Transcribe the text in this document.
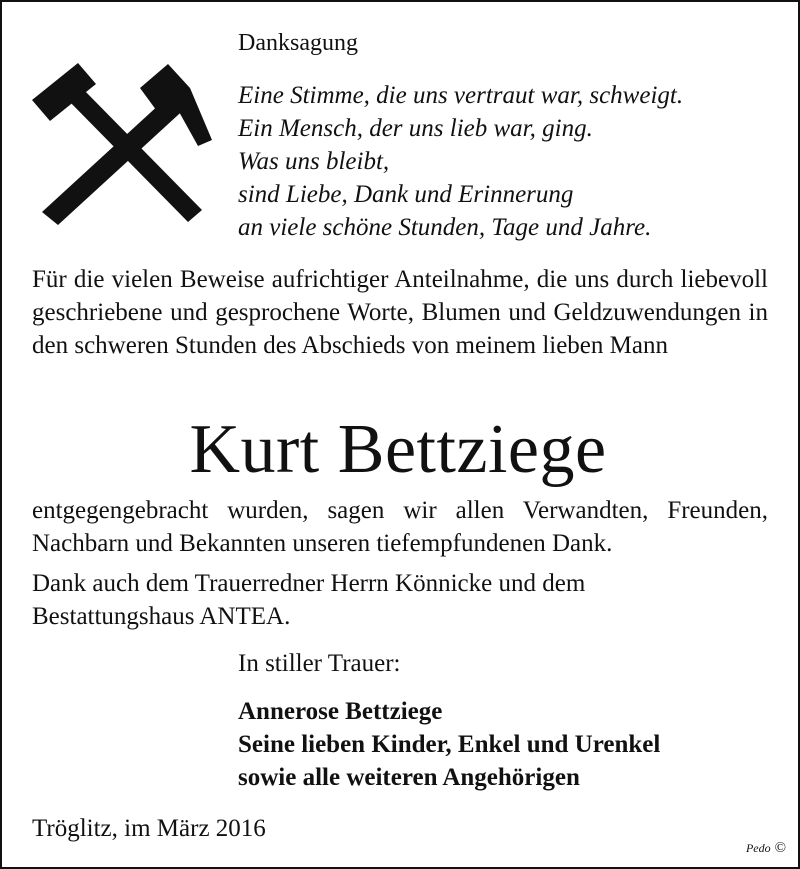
Danksagung
Eine Stimme, die uns vertraut war, schweigt.
Ein Mensch, der uns lieb war, ging.
Was uns bleibt,
sind Liebe, Dank und Erinnerung
an viele schöne Stunden, Tage und Jahre.
Für die vielen Beweise aufrichtiger Anteilnahme, die uns durch liebevoll geschriebene und gesprochene Worte, Blumen und Geldzuwendungen in den schweren Stunden des Abschieds von meinem lieben Mann
Kurt Bettziege
entgegengebracht wurden, sagen wir allen Verwandten, Freunden, Nachbarn und Bekannten unseren tiefempfundenen Dank.
Dank auch dem Trauerredner Herrn Könnicke und dem
Bestattungshaus ANTEA.
In stiller Trauer:
Annerose Bettziege
Seine lieben Kinder, Enkel und Urenkel
sowie alle weiteren Angehörigen
Tröglitz, im März 2016
Pedo ©
